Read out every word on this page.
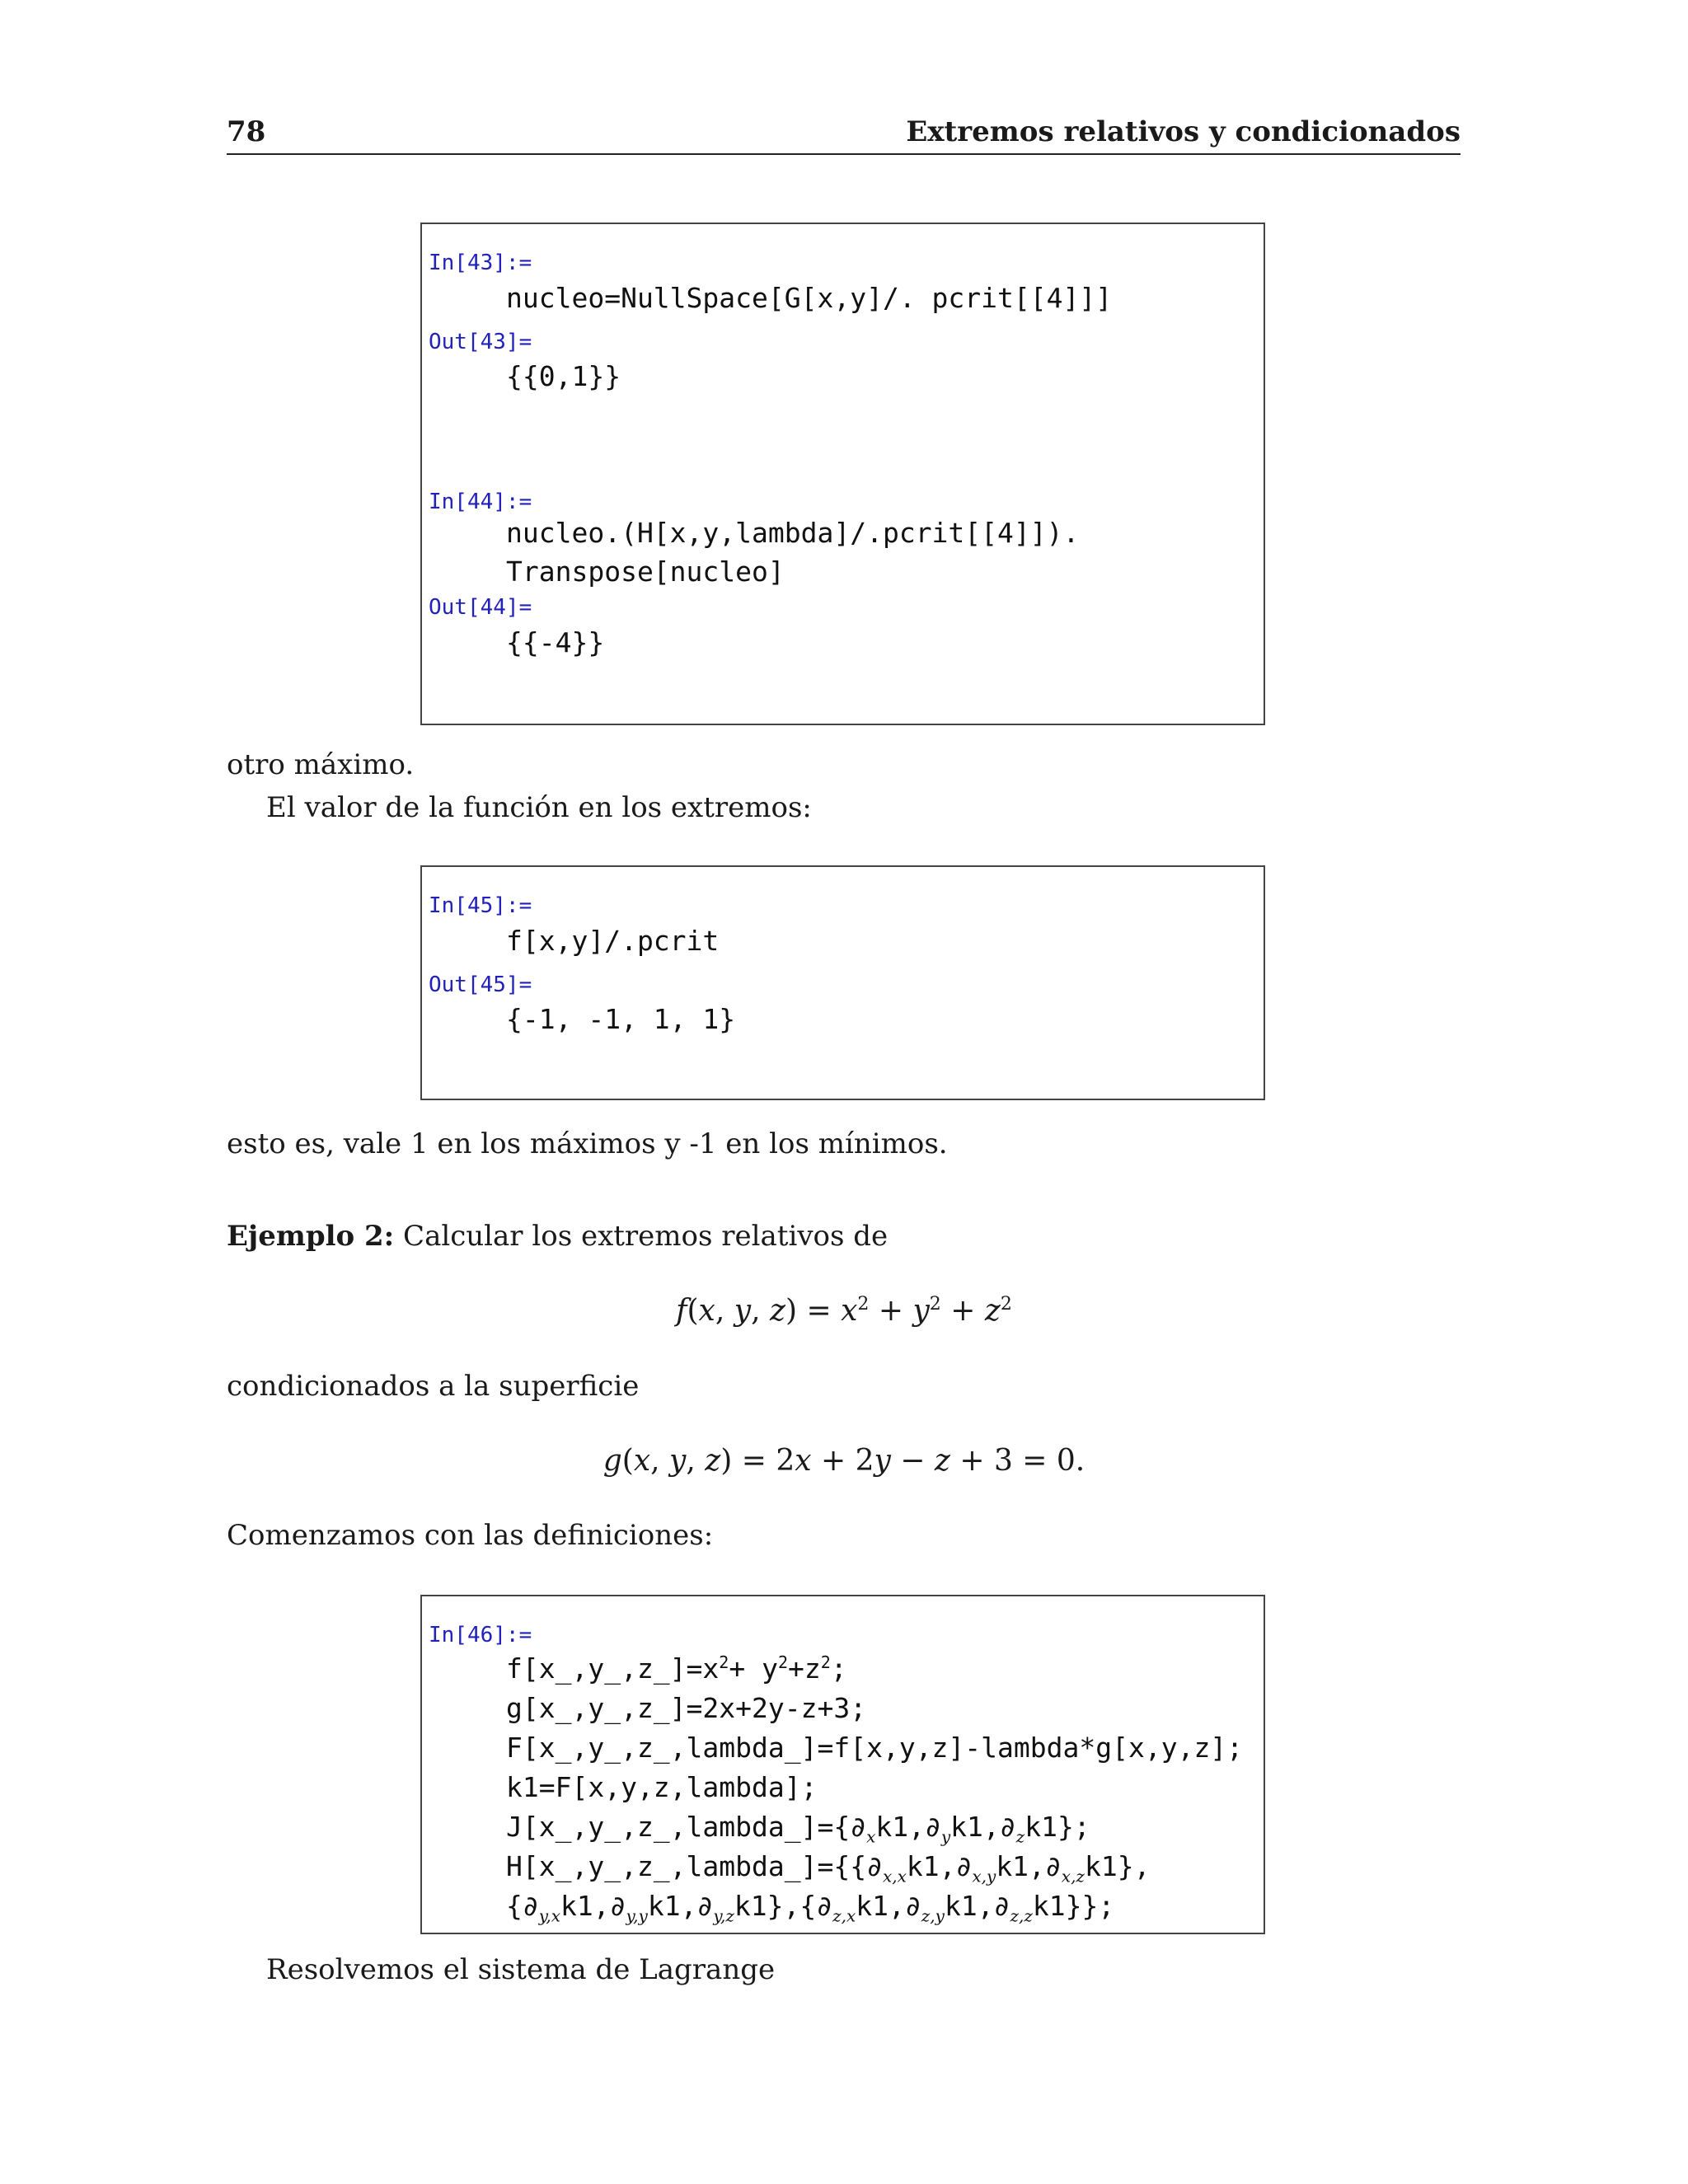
78	Extremos relativos y condicionados
In[43]:=
nucleo=NullSpace[G[x,y]/. pcrit[[4]]]
Out[43]=
{{0,1}}
In[44]:=
nucleo.(H[x,y,lambda]/.pcrit[[4]]).
Transpose[nucleo]
Out[44]=
{{-4}}
otro máximo.
El valor de la función en los extremos:
In[45]:=
f[x,y]/.pcrit
Out[45]=
{-1, -1, 1, 1}
esto es, vale 1 en los máximos y -1 en los mínimos.
Ejemplo 2: Calcular los extremos relativos de
f(x, y, $z) = x^2 + y^2 + z^2$
condicionados a la superficie
g(x, y, z) = 2x + 2y − z + 3 = 0.
Comenzamos con las definiciones:
In[46]:=
$f[x\_,y\_,z\_]=x^2+ y^2+z^2$;
g[x_,y_,z_]=2x+2y-z+3;
F[x_,y_,z_,lambda_]=f[x,y,z]-lambda*g[x,y,z];
k1=F[x,y,z,lambda];
$J[x\_,y\_,z\_,lambda\_]=\{\partial_xk1,\partial_yk1,\partial_zk1\}$;
$H[x\_,y\_,z\_,lambda\_]=\{\{\partial_{x,x}k1,\partial_{x,y}k1,\partial_{x,z}k1\}$,
$\{\partial_{y,x}k1,\partial_{y,y}k1,\partial_{y,z}k1\},\{\partial_{z,x}k1,\partial_{z,y}k1,\partial_{z,z}k1\}$};
Resolvemos el sistema de Lagrange
